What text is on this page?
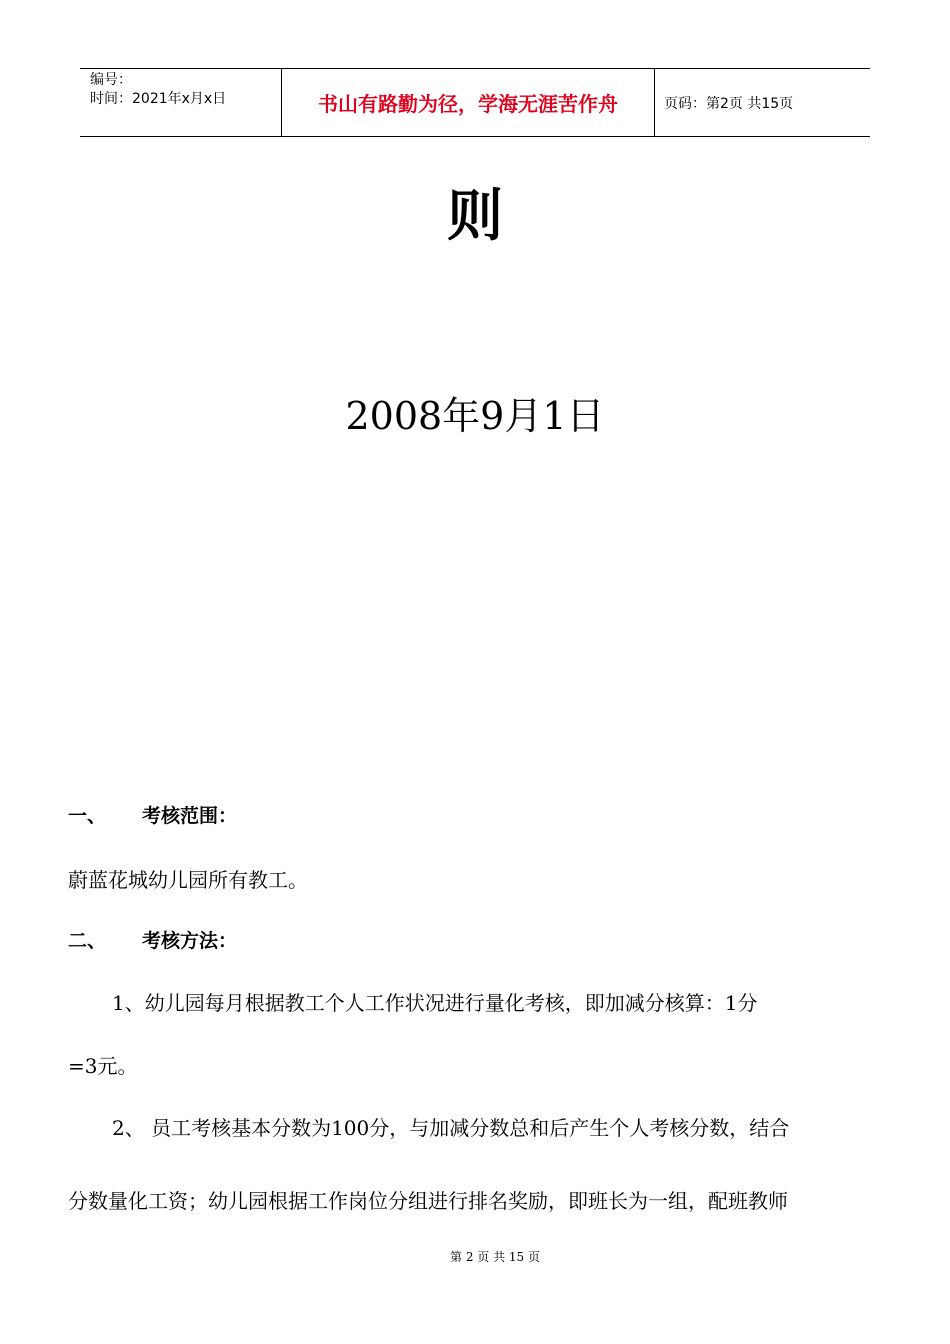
编号：
时间：2021年x月x日	书山有路勤为径，学海无涯苦作舟	页码：第2页 共15页
则
2008年9月1日
一、 考核范围：
蔚蓝花城幼儿园所有教工。
二、 考核方法：
1、幼儿园每月根据教工个人工作状况进行量化考核，即加减分核算：1分
=3元。
2、 员工考核基本分数为100分，与加减分数总和后产生个人考核分数，结合
分数量化工资；幼儿园根据工作岗位分组进行排名奖励，即班长为一组，配班教师
第 2 页 共 15 页
